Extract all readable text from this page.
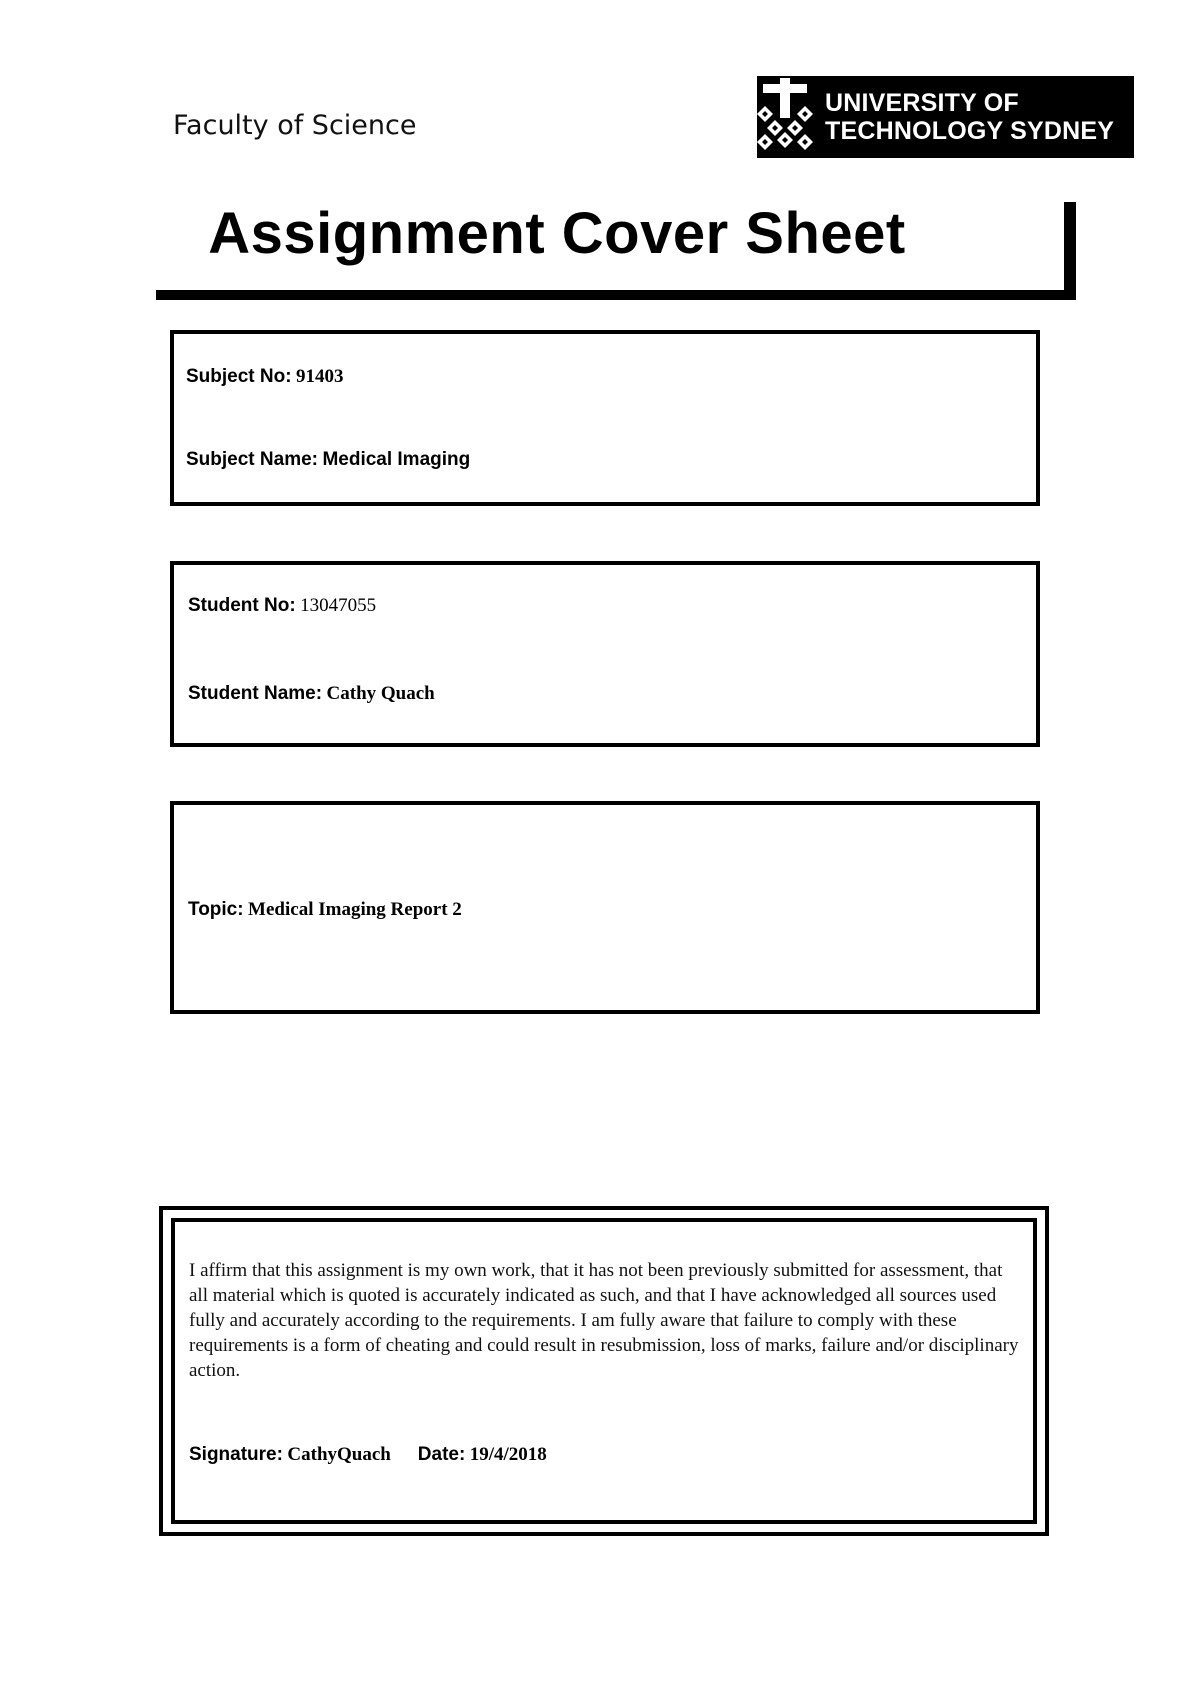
Faculty of Science
UNIVERSITY OF
TECHNOLOGY SYDNEY
Assignment Cover Sheet
Subject No: 91403
Subject Name: Medical Imaging
Student No: 13047055
Student Name: Cathy Quach
Topic: Medical Imaging Report 2
I affirm that this assignment is my own work, that it has not been previously submitted for assessment, that all material which is quoted is accurately indicated as such, and that I have acknowledged all sources used fully and accurately according to the requirements. I am fully aware that failure to comply with these requirements is a form of cheating and could result in resubmission, loss of marks, failure and/or disciplinary action.
Signature: CathyQuach Date: 19/4/2018
